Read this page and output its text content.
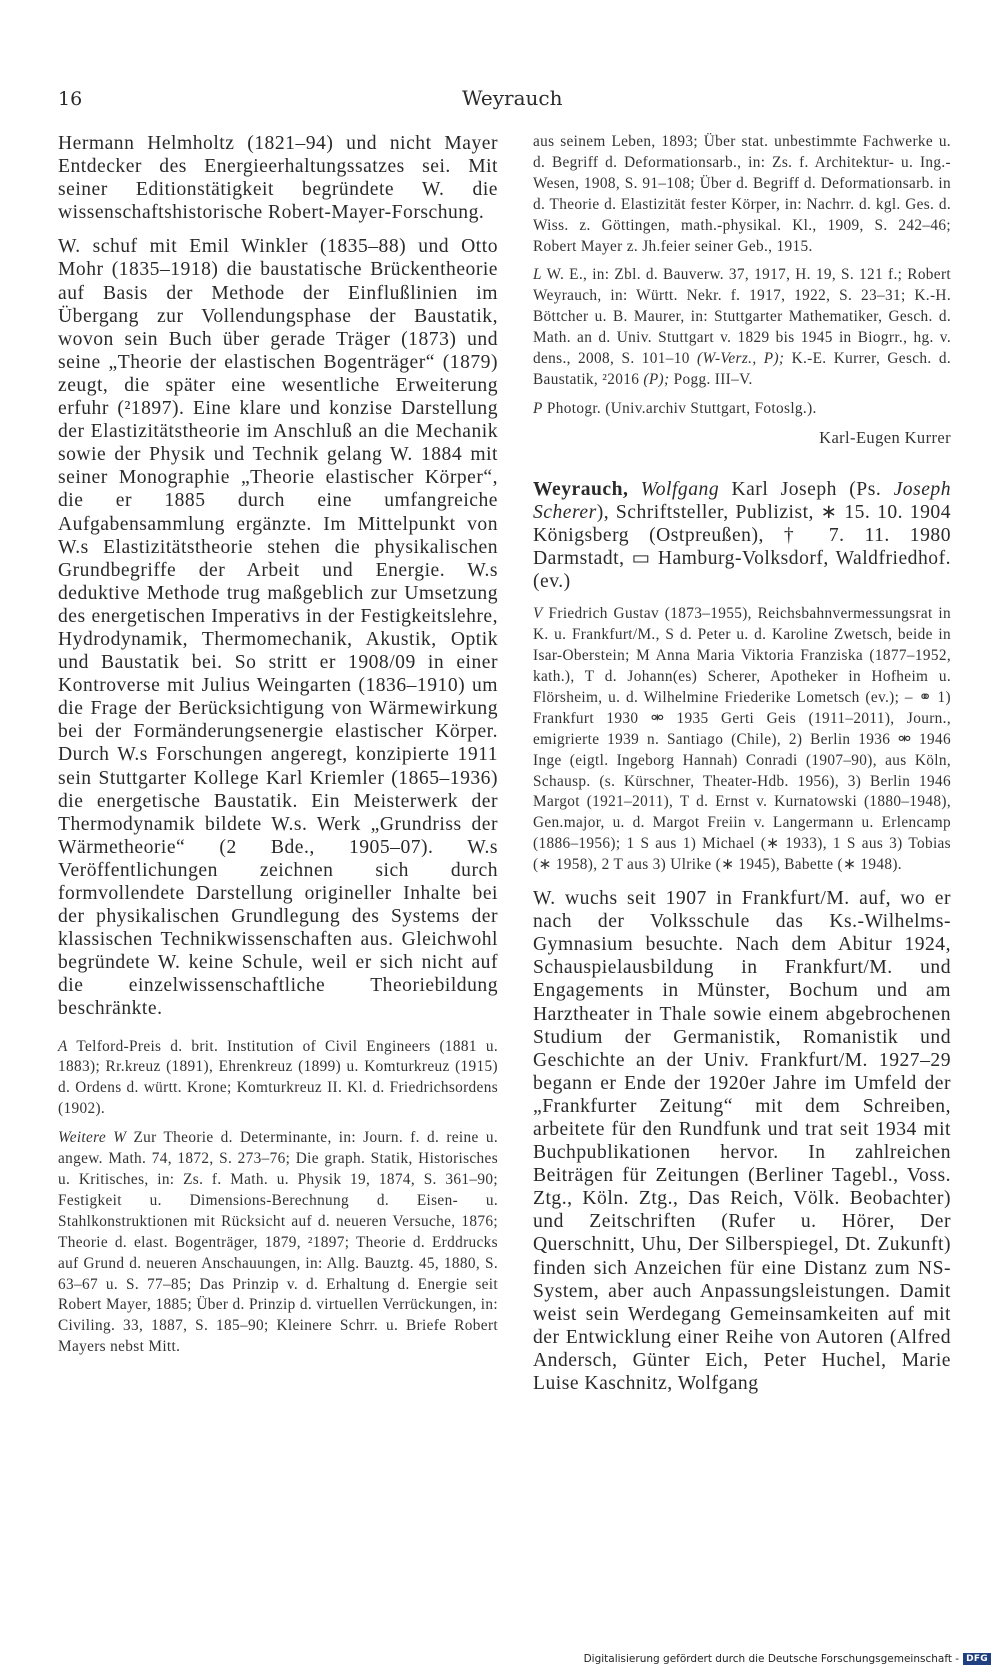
16	Weyrauch

Hermann Helmholtz (1821–94) und nicht Mayer Entdecker des Energieerhaltungssatzes sei. Mit seiner Editionstätigkeit begründete W. die wissenschaftshistorische Robert-Mayer-Forschung.

W. schuf mit Emil Winkler (1835–88) und Otto Mohr (1835–1918) die baustatische Brückentheorie auf Basis der Methode der Einflußlinien im Übergang zur Vollendungsphase der Baustatik, wovon sein Buch über gerade Träger (1873) und seine „Theorie der elastischen Bogenträger“ (1879) zeugt, die später eine wesentliche Erweiterung erfuhr (²1897). Eine klare und konzise Darstellung der Elastizitätstheorie im Anschluß an die Mechanik sowie der Physik und Technik gelang W. 1884 mit seiner Monographie „Theorie elastischer Körper“, die er 1885 durch eine umfangreiche Aufgabensammlung ergänzte. Im Mittelpunkt von W.s Elastizitätstheorie stehen die physikalischen Grundbegriffe der Arbeit und Energie. W.s deduktive Methode trug maßgeblich zur Umsetzung des energetischen Imperativs in der Festigkeitslehre, Hydrodynamik, Thermomechanik, Akustik, Optik und Baustatik bei. So stritt er 1908/09 in einer Kontroverse mit Julius Weingarten (1836–1910) um die Frage der Berücksichtigung von Wärmewirkung bei der Formänderungsenergie elastischer Körper. Durch W.s Forschungen angeregt, konzipierte 1911 sein Stuttgarter Kollege Karl Kriemler (1865–1936) die energetische Baustatik. Ein Meisterwerk der Thermodynamik bildete W.s. Werk „Grundriss der Wärmetheorie“ (2 Bde., 1905–07). W.s Veröffentlichungen zeichnen sich durch formvollendete Darstellung origineller Inhalte bei der physikalischen Grundlegung des Systems der klassischen Technikwissenschaften aus. Gleichwohl begründete W. keine Schule, weil er sich nicht auf die einzelwissenschaftliche Theoriebildung beschränkte.

A Telford-Preis d. brit. Institution of Civil Engineers (1881 u. 1883); Rr.kreuz (1891), Ehrenkreuz (1899) u. Komturkreuz (1915) d. Ordens d. württ. Krone; Komturkreuz II. Kl. d. Friedrichsordens (1902).

Weitere W Zur Theorie d. Determinante, in: Journ. f. d. reine u. angew. Math. 74, 1872, S. 273–76; Die graph. Statik, Historisches u. Kritisches, in: Zs. f. Math. u. Physik 19, 1874, S. 361–90; Festigkeit u. Dimensions-Berechnung d. Eisen- u. Stahlkonstruktionen mit Rücksicht auf d. neueren Versuche, 1876; Theorie d. elast. Bogenträger, 1879, ²1897; Theorie d. Erddrucks auf Grund d. neueren Anschauungen, in: Allg. Bauztg. 45, 1880, S. 63–67 u. S. 77–85; Das Prinzip v. d. Erhaltung d. Energie seit Robert Mayer, 1885; Über d. Prinzip d. virtuellen Verrückungen, in: Civiling. 33, 1887, S. 185–90; Kleinere Schrr. u. Briefe Robert Mayers nebst Mitt.

aus seinem Leben, 1893; Über stat. unbestimmte Fachwerke u. d. Begriff d. Deformationsarb., in: Zs. f. Architektur- u. Ing.-Wesen, 1908, S. 91–108; Über d. Begriff d. Deformationsarb. in d. Theorie d. Elastizität fester Körper, in: Nachrr. d. kgl. Ges. d. Wiss. z. Göttingen, math.-physikal. Kl., 1909, S. 242–46; Robert Mayer z. Jh.feier seiner Geb., 1915.

L W. E., in: Zbl. d. Bauverw. 37, 1917, H. 19, S. 121 f.; Robert Weyrauch, in: Württ. Nekr. f. 1917, 1922, S. 23–31; K.-H. Böttcher u. B. Maurer, in: Stuttgarter Mathematiker, Gesch. d. Math. an d. Univ. Stuttgart v. 1829 bis 1945 in Biogrr., hg. v. dens., 2008, S. 101–10 (W-Verz., P); K.-E. Kurrer, Gesch. d. Baustatik, ²2016 (P); Pogg. III–V.

P Photogr. (Univ.archiv Stuttgart, Fotoslg.).

Karl-Eugen Kurrer

Weyrauch, Wolfgang Karl Joseph (Ps. Joseph Scherer), Schriftsteller, Publizist, ∗ 15. 10. 1904 Königsberg (Ostpreußen), † 7. 11. 1980 Darmstadt, ▭ Hamburg-Volksdorf, Waldfriedhof. (ev.)

V Friedrich Gustav (1873–1955), Reichsbahnvermessungsrat in K. u. Frankfurt/M., S d. Peter u. d. Karoline Zwetsch, beide in Isar-Oberstein; M Anna Maria Viktoria Franziska (1877–1952, kath.), T d. Johann(es) Scherer, Apotheker in Hofheim u. Flörsheim, u. d. Wilhelmine Friederike Lometsch (ev.); – ⚭ 1) Frankfurt 1930 ⚮ 1935 Gerti Geis (1911–2011), Journ., emigrierte 1939 n. Santiago (Chile), 2) Berlin 1936 ⚮ 1946 Inge (eigtl. Ingeborg Hannah) Conradi (1907–90), aus Köln, Schausp. (s. Kürschner, Theater-Hdb. 1956), 3) Berlin 1946 Margot (1921–2011), T d. Ernst v. Kurnatowski (1880–1948), Gen.major, u. d. Margot Freiin v. Langermann u. Erlencamp (1886–1956); 1 S aus 1) Michael (∗ 1933), 1 S aus 3) Tobias (∗ 1958), 2 T aus 3) Ulrike (∗ 1945), Babette (∗ 1948).

W. wuchs seit 1907 in Frankfurt/M. auf, wo er nach der Volksschule das Ks.-Wilhelms-Gymnasium besuchte. Nach dem Abitur 1924, Schauspielausbildung in Frankfurt/M. und Engagements in Münster, Bochum und am Harztheater in Thale sowie einem abgebrochenen Studium der Germanistik, Romanistik und Geschichte an der Univ. Frankfurt/M. 1927–29 begann er Ende der 1920er Jahre im Umfeld der „Frankfurter Zeitung“ mit dem Schreiben, arbeitete für den Rundfunk und trat seit 1934 mit Buchpublikationen hervor. In zahlreichen Beiträgen für Zeitungen (Berliner Tagebl., Voss. Ztg., Köln. Ztg., Das Reich, Völk. Beobachter) und Zeitschriften (Rufer u. Hörer, Der Querschnitt, Uhu, Der Silberspiegel, Dt. Zukunft) finden sich Anzeichen für eine Distanz zum NS-System, aber auch Anpassungsleistungen. Damit weist sein Werdegang Gemeinsamkeiten auf mit der Entwicklung einer Reihe von Autoren (Alfred Andersch, Günter Eich, Peter Huchel, Marie Luise Kaschnitz, Wolfgang

Digitalisierung gefördert durch die Deutsche Forschungsgemeinschaft - DFG
